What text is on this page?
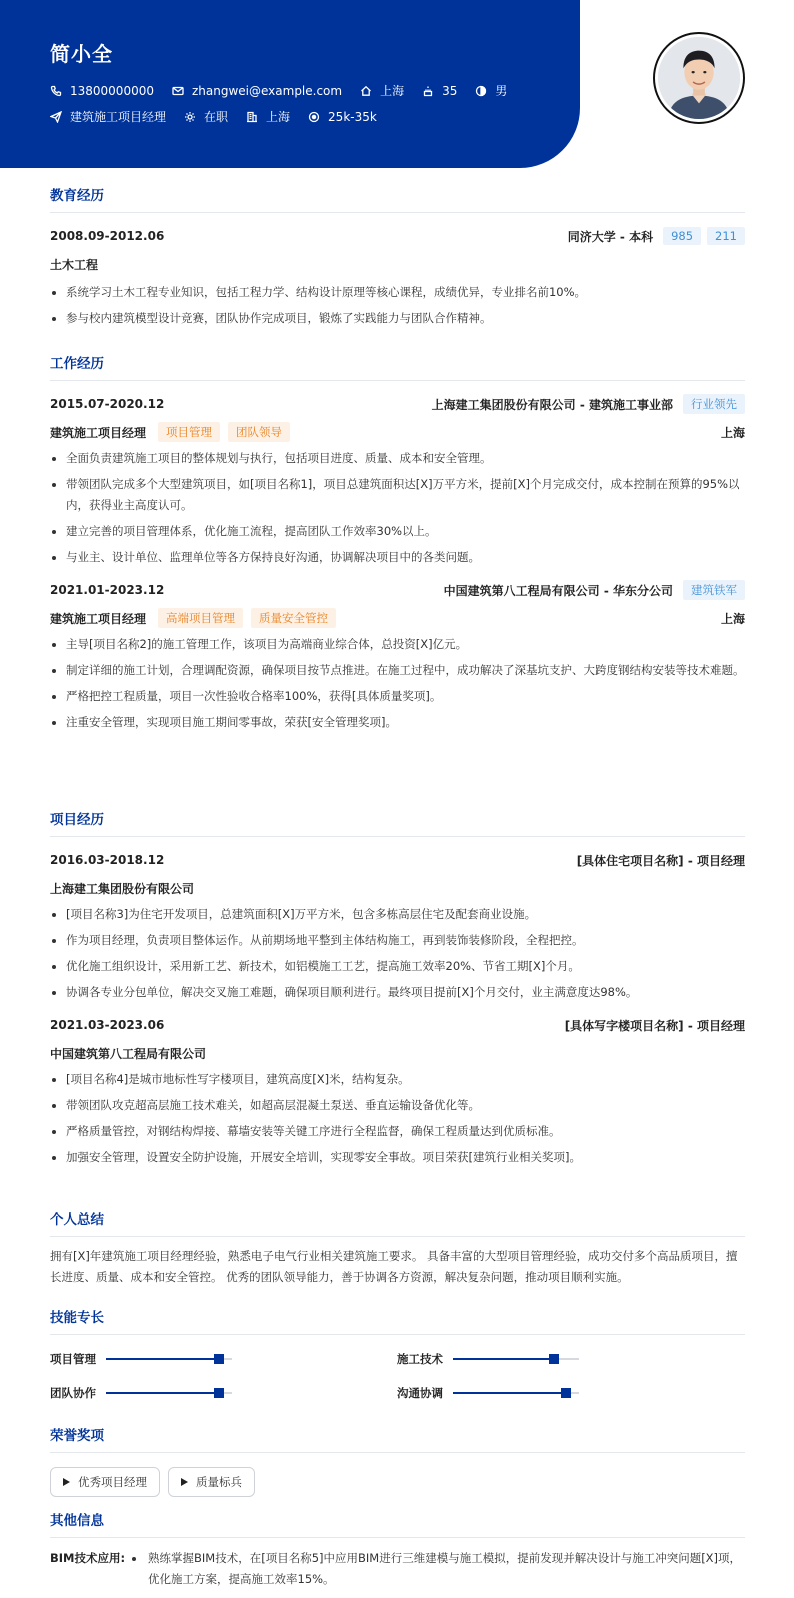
简小全
13800000000	zhangwei@example.com	上海	35	男
建筑施工项目经理	在职	上海	25k-35k
教育经历
2008.09-2012.06	同济大学 - 本科	985	211
土木工程
系统学习土木工程专业知识，包括工程力学、结构设计原理等核心课程，成绩优异，专业排名前10%。
参与校内建筑模型设计竞赛，团队协作完成项目，锻炼了实践能力与团队合作精神。
工作经历
2015.07-2020.12	上海建工集团股份有限公司 - 建筑施工事业部	行业领先
建筑施工项目经理	项目管理	团队领导	上海
全面负责建筑施工项目的整体规划与执行，包括项目进度、质量、成本和安全管理。
带领团队完成多个大型建筑项目，如[项目名称1]，项目总建筑面积达[X]万平方米，提前[X]个月完成交付，成本控制在预算的95%以内，获得业主高度认可。
建立完善的项目管理体系，优化施工流程，提高团队工作效率30%以上。
与业主、设计单位、监理单位等各方保持良好沟通，协调解决项目中的各类问题。
2021.01-2023.12	中国建筑第八工程局有限公司 - 华东分公司	建筑铁军
建筑施工项目经理	高端项目管理	质量安全管控	上海
主导[项目名称2]的施工管理工作，该项目为高端商业综合体，总投资[X]亿元。
制定详细的施工计划，合理调配资源，确保项目按节点推进。在施工过程中，成功解决了深基坑支护、大跨度钢结构安装等技术难题。
严格把控工程质量，项目一次性验收合格率100%，获得[具体质量奖项]。
注重安全管理，实现项目施工期间零事故，荣获[安全管理奖项]。
项目经历
2016.03-2018.12	[具体住宅项目名称] - 项目经理
上海建工集团股份有限公司
[项目名称3]为住宅开发项目，总建筑面积[X]万平方米，包含多栋高层住宅及配套商业设施。
作为项目经理，负责项目整体运作。从前期场地平整到主体结构施工，再到装饰装修阶段，全程把控。
优化施工组织设计，采用新工艺、新技术，如铝模施工工艺，提高施工效率20%、节省工期[X]个月。
协调各专业分包单位，解决交叉施工难题，确保项目顺利进行。最终项目提前[X]个月交付，业主满意度达98%。
2021.03-2023.06	[具体写字楼项目名称] - 项目经理
中国建筑第八工程局有限公司
[项目名称4]是城市地标性写字楼项目，建筑高度[X]米，结构复杂。
带领团队攻克超高层施工技术难关，如超高层混凝土泵送、垂直运输设备优化等。
严格质量管控，对钢结构焊接、幕墙安装等关键工序进行全程监督，确保工程质量达到优质标准。
加强安全管理，设置安全防护设施，开展安全培训，实现零安全事故。项目荣获[建筑行业相关奖项]。
个人总结
拥有[X]年建筑施工项目经理经验，熟悉电子电气行业相关建筑施工要求。 具备丰富的大型项目管理经验，成功交付多个高品质项目，擅长进度、质量、成本和安全管控。 优秀的团队领导能力，善于协调各方资源，解决复杂问题，推动项目顺利实施。
技能专长
项目管理	施工技术
团队协作	沟通协调
荣誉奖项
优秀项目经理	质量标兵
其他信息
BIM技术应用:	熟练掌握BIM技术，在[项目名称5]中应用BIM进行三维建模与施工模拟，提前发现并解决设计与施工冲突问题[X]项，优化施工方案，提高施工效率15%。
